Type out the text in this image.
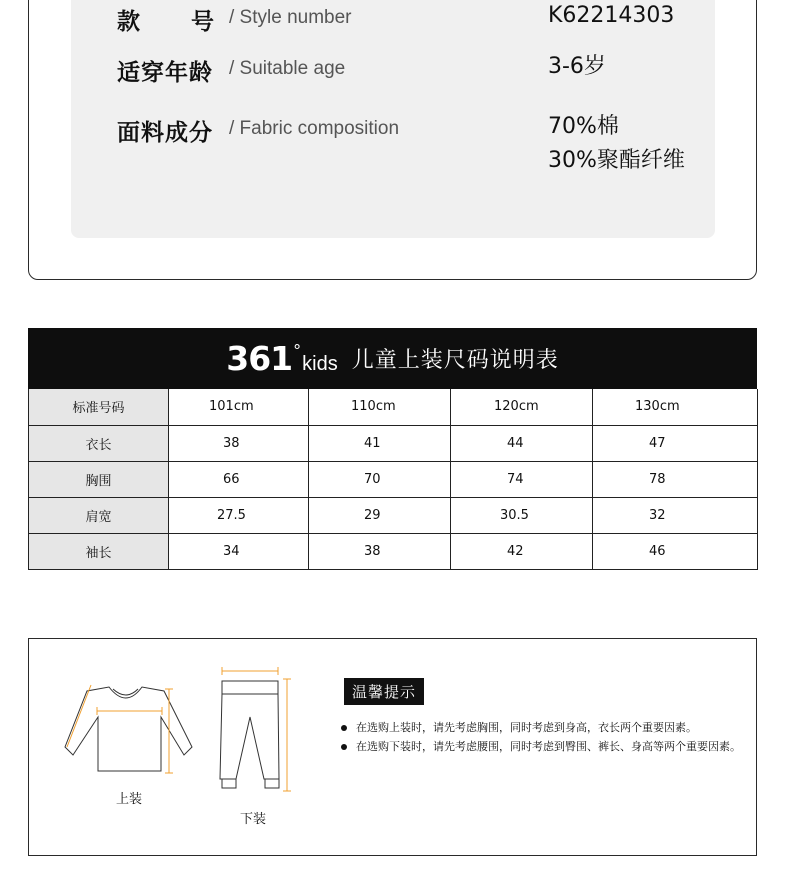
款　　号 / Style number	K62214303
适穿年龄 / Suitable age	3-6岁
面料成分 / Fabric composition	70%棉
30%聚酯纤维
361 °
kids 儿童上装尺码说明表
标准号码	101cm	110cm	120cm	130cm
衣长	38	41	44	47
胸围	66	70	74	78
肩宽	27.5	29	30.5	32
袖长	34	38	42	46
上装
下装
温馨提示
在选购上装时，请先考虑胸围，同时考虑到身高，衣长两个重要因素。
在选购下装时，请先考虑腰围，同时考虑到臀围、裤长、身高等两个重要因素。
